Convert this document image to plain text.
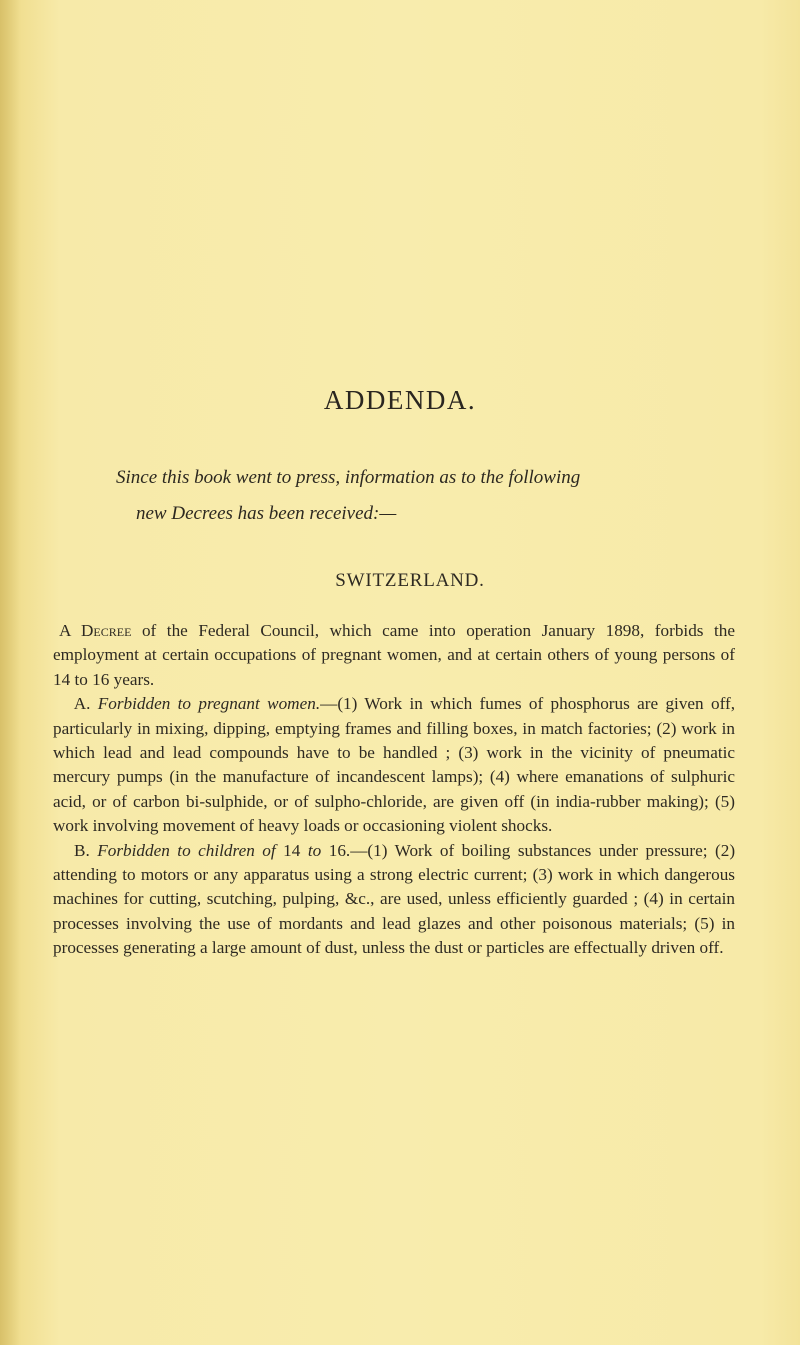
ADDENDA.
Since this book went to press, information as to the following
new Decrees has been received:—
SWITZERLAND.

A Decree of the Federal Council, which came into operation January 1898, forbids the employment at certain occupations of pregnant women, and at certain others of young persons of 14 to 16 years.

A. Forbidden to pregnant women.—(1) Work in which fumes of phosphorus are given off, particularly in mixing, dipping, emptying frames and filling boxes, in match factories; (2) work in which lead and lead compounds have to be handled ; (3) work in the vicinity of pneumatic mercury pumps (in the manufacture of incandescent lamps); (4) where emanations of sulphuric acid, or of carbon bi-sulphide, or of sulpho-chloride, are given off (in india-rubber making); (5) work involving movement of heavy loads or occasioning violent shocks.

B. Forbidden to children of 14 to 16.—(1) Work of boiling substances under pressure; (2) attending to motors or any apparatus using a strong electric current; (3) work in which dangerous machines for cutting, scutching, pulping, &c., are used, unless efficiently guarded ; (4) in certain processes involving the use of mordants and lead glazes and other poisonous materials; (5) in processes generating a large amount of dust, unless the dust or particles are effectually driven off.
